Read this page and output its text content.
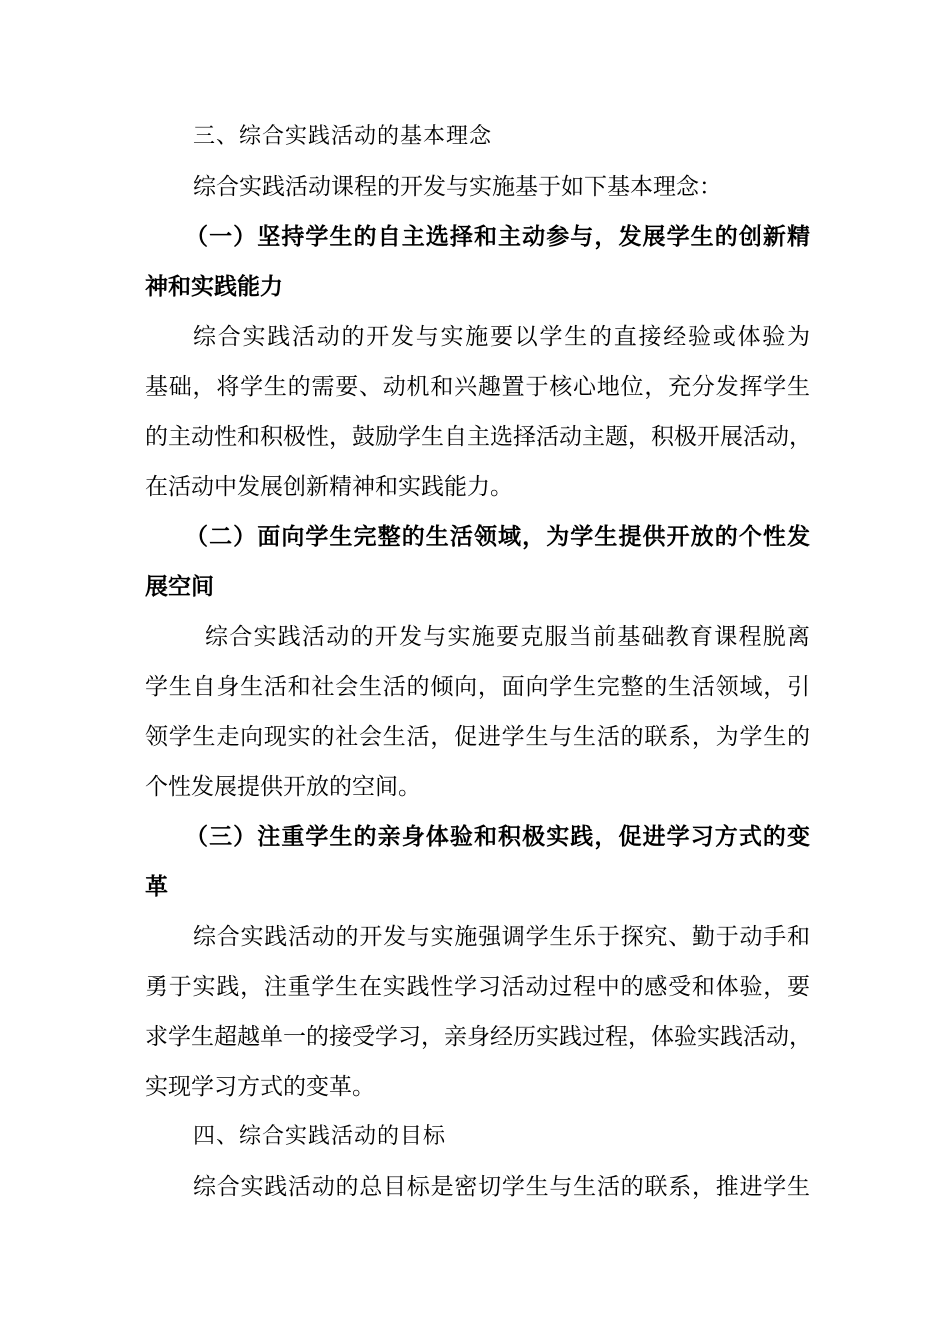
三、综合实践活动的基本理念
综合实践活动课程的开发与实施基于如下基本理念：
（一）坚持学生的自主选择和主动参与，发展学生的创新精
神和实践能力
综合实践活动的开发与实施要以学生的直接经验或体验为
基础，将学生的需要、动机和兴趣置于核心地位，充分发挥学生
的主动性和积极性，鼓励学生自主选择活动主题，积极开展活动，
在活动中发展创新精神和实践能力。
（二）面向学生完整的生活领域，为学生提供开放的个性发
展空间
综合实践活动的开发与实施要克服当前基础教育课程脱离
学生自身生活和社会生活的倾向，面向学生完整的生活领域，引
领学生走向现实的社会生活，促进学生与生活的联系，为学生的
个性发展提供开放的空间。
（三）注重学生的亲身体验和积极实践，促进学习方式的变
革
综合实践活动的开发与实施强调学生乐于探究、勤于动手和
勇于实践，注重学生在实践性学习活动过程中的感受和体验，要
求学生超越单一的接受学习，亲身经历实践过程，体验实践活动，
实现学习方式的变革。
四、综合实践活动的目标
综合实践活动的总目标是密切学生与生活的联系，推进学生
